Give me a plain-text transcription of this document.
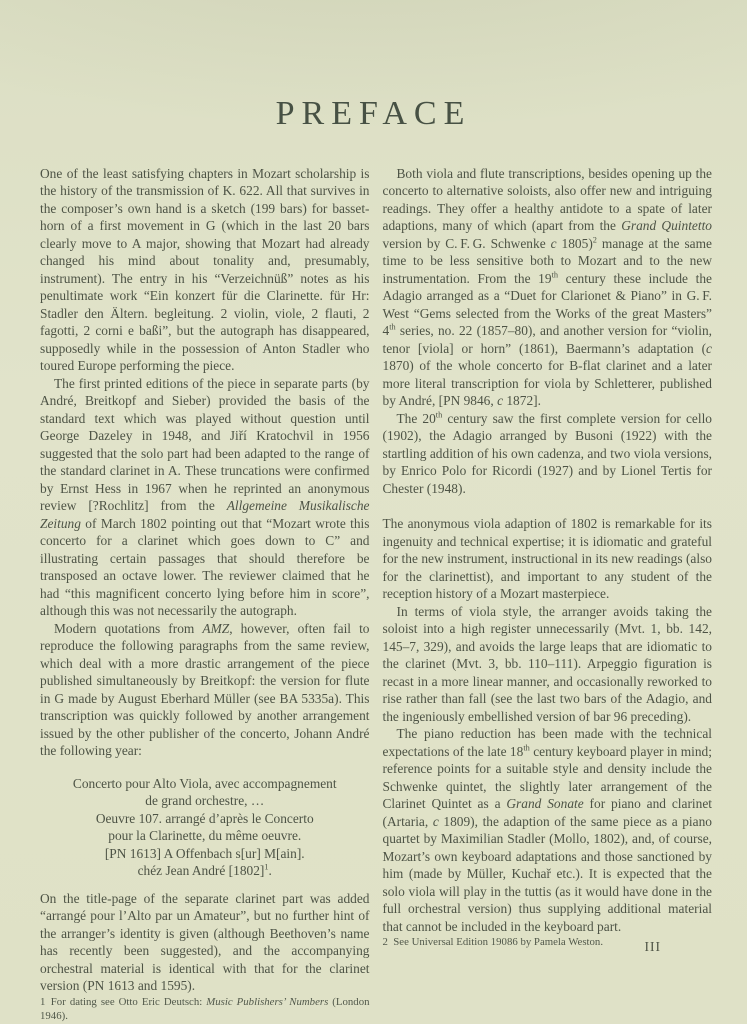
PREFACE

One of the least satisfying chapters in Mozart scholarship is the history of the transmission of K. 622. All that survives in the composer’s own hand is a sketch (199 bars) for basset-horn of a first movement in G (which in the last 20 bars clearly move to A major, showing that Mozart had already changed his mind about tonality and, presumably, instrument). The entry in his “Verzeichnüß” notes as his penultimate work “Ein konzert für die Clarinette. für Hr: Stadler den Ältern. begleitung. 2 violin, viole, 2 flauti, 2 fagotti, 2 corni e baßi”, but the autograph has disappeared, supposedly while in the possession of Anton Stadler who toured Europe performing the piece.

The first printed editions of the piece in separate parts (by André, Breitkopf and Sieber) provided the basis of the standard text which was played without question until George Dazeley in 1948, and Jiří Kratochvil in 1956 suggested that the solo part had been adapted to the range of the standard clarinet in A. These truncations were confirmed by Ernst Hess in 1967 when he reprinted an anonymous review [?Rochlitz] from the Allgemeine Musikalische Zeitung of March 1802 pointing out that “Mozart wrote this concerto for a clarinet which goes down to C” and illustrating certain passages that should therefore be transposed an octave lower. The reviewer claimed that he had “this magnificent concerto lying before him in score”, although this was not necessarily the autograph.

Modern quotations from AMZ, however, often fail to reproduce the following paragraphs from the same review, which deal with a more drastic arrangement of the piece published simultaneously by Breitkopf: the version for flute in G made by August Eberhard Müller (see BA 5335a). This transcription was quickly followed by another arrangement issued by the other publisher of the concerto, Johann André the following year:

Concerto pour Alto Viola, avec accompagnement
de grand orchestre, …
Oeuvre 107. arrangé d’après le Concerto
pour la Clarinette, du même oeuvre.
[PN 1613] A Offenbach s[ur] M[ain].
chéz Jean André $[1802]^1$.

On the title-page of the separate clarinet part was added “arrangé pour l’Alto par un Amateur”, but no further hint of the arranger’s identity is given (although Beethoven’s name has recently been suggested), and the accompanying orchestral material is identical with that for the clarinet version (PN 1613 and 1595).

1 For dating see Otto Eric Deutsch: Music Publishers’ Numbers (London 1946).

Both viola and flute transcriptions, besides opening up the concerto to alternative soloists, also offer new and intriguing readings. They offer a healthy antidote to a spate of later adaptions, many of which (apart from the Grand Quintetto version by C. F. G. Schwenke c 1805)$^2$ manage at the same time to be less sensitive both to Mozart and to the new instrumentation. From the 19th century these include the Adagio arranged as a “Duet for Clarionet & Piano” in G. F. West “Gems selected from the Works of the great Masters” 4th series, no. 22 (1857–80), and another version for “violin, tenor [viola] or horn” (1861), Baermann’s adaptation (c 1870) of the whole concerto for B-flat clarinet and a later more literal transcription for viola by Schletterer, published by André, [PN 9846, c 1872].

The 20th century saw the first complete version for cello (1902), the Adagio arranged by Busoni (1922) with the startling addition of his own cadenza, and two viola versions, by Enrico Polo for Ricordi (1927) and by Lionel Tertis for Chester (1948).

The anonymous viola adaption of 1802 is remarkable for its ingenuity and technical expertise; it is idiomatic and grateful for the new instrument, instructional in its new readings (also for the clarinettist), and important to any student of the reception history of a Mozart masterpiece.

In terms of viola style, the arranger avoids taking the soloist into a high register unnecessarily (Mvt. 1, bb. 142, 145–7, 329), and avoids the large leaps that are idiomatic to the clarinet (Mvt. 3, bb. 110–111). Arpeggio figuration is recast in a more linear manner, and occasionally reworked to rise rather than fall (see the last two bars of the Adagio, and the ingeniously embellished version of bar 96 preceding).

The piano reduction has been made with the technical expectations of the late 18th century keyboard player in mind; reference points for a suitable style and density include the Schwenke quintet, the slightly later arrangement of the Clarinet Quintet as a Grand Sonate for piano and clarinet (Artaria, c 1809), the adaption of the same piece as a piano quartet by Maximilian Stadler (Mollo, 1802), and, of course, Mozart’s own keyboard adaptations and those sanctioned by him (made by Müller, Kuchař etc.). It is expected that the solo viola will play in the tuttis (as it would have done in the full orchestral version) thus supplying additional material that cannot be included in the keyboard part.

2 See Universal Edition 19086 by Pamela Weston.	III
